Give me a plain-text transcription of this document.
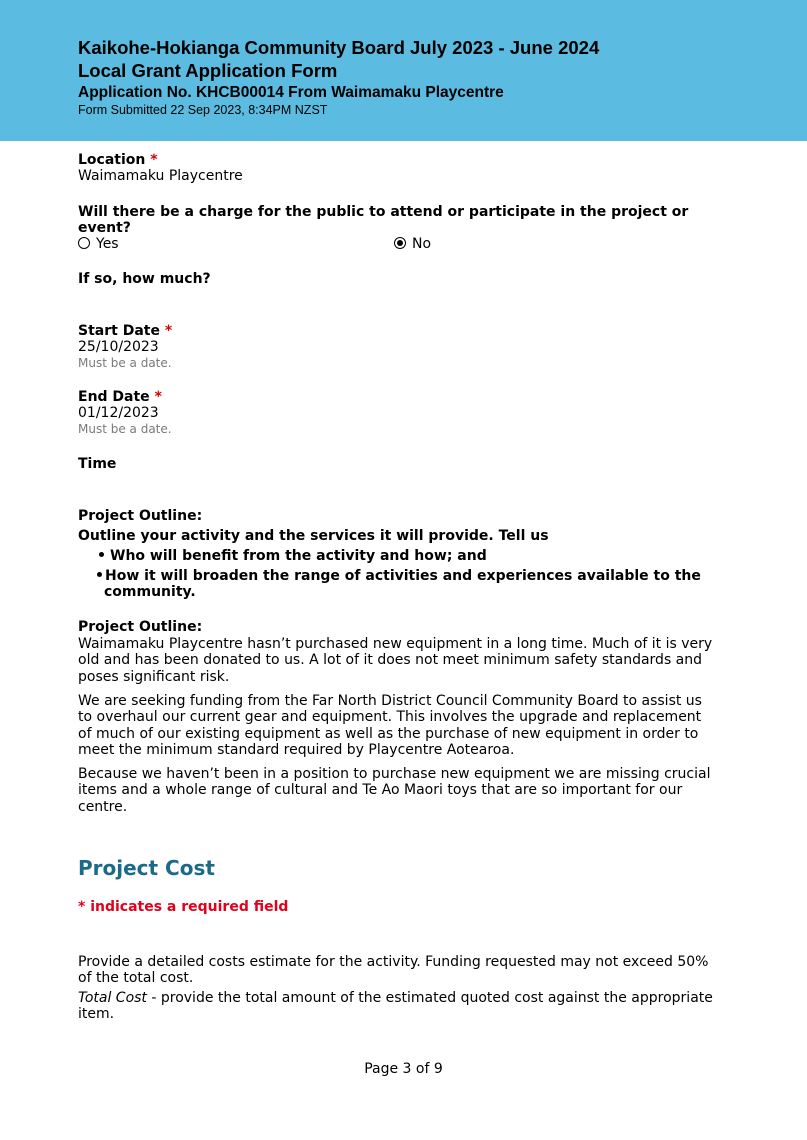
Kaikohe-Hokianga Community Board July 2023 - June 2024
Local Grant Application Form
Application No. KHCB00014 From Waimamaku Playcentre
Form Submitted 22 Sep 2023, 8:34PM NZST
Location *
Waimamaku Playcentre
Will there be a charge for the public to attend or participate in the project or
event?
Yes	No
If so, how much?
Start Date *
25/10/2023
Must be a date.
End Date *
01/12/2023
Must be a date.
Time
Project Outline:
Outline your activity and the services it will provide. Tell us
Who will benefit from the activity and how; and
How it will broaden the range of activities and experiences available to the
community.
Project Outline:
Waimamaku Playcentre hasn’t purchased new equipment in a long time. Much of it is very old and has been donated to us. A lot of it does not meet minimum safety standards and poses significant risk.
We are seeking funding from the Far North District Council Community Board to assist us to overhaul our current gear and equipment. This involves the upgrade and replacement of much of our existing equipment as well as the purchase of new equipment in order to meet the minimum standard required by Playcentre Aotearoa.
Because we haven’t been in a position to purchase new equipment we are missing crucial items and a whole range of cultural and Te Ao Maori toys that are so important for our centre.
Project Cost
* indicates a required field
Provide a detailed costs estimate for the activity. Funding requested may not exceed 50% of the total cost.
Total Cost - provide the total amount of the estimated quoted cost against the appropriate item.
Page 3 of 9
